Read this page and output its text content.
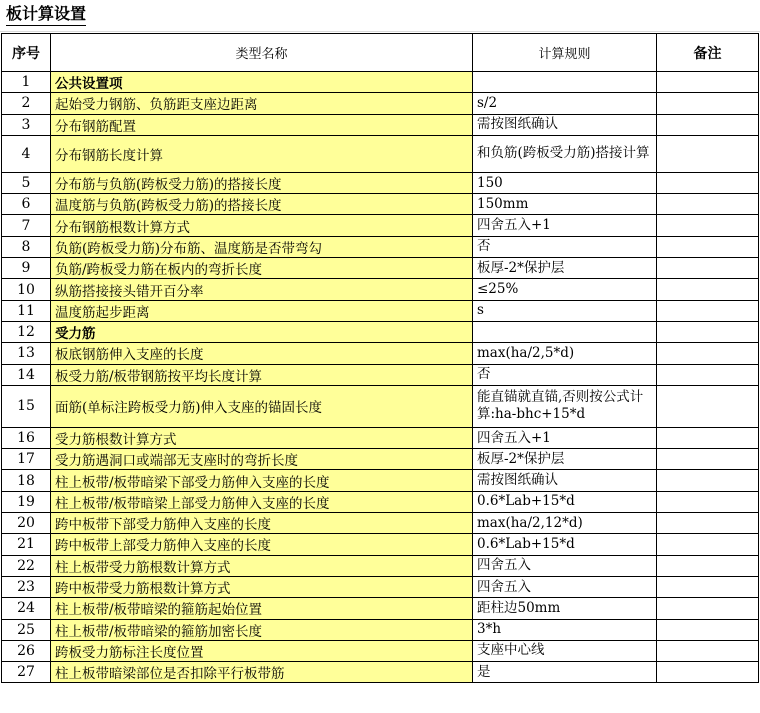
板计算设置
序号	类型名称	计算规则	备注
1	公共设置项		
2	起始受力钢筋、负筋距支座边距离	s/2	
3	分布钢筋配置	需按图纸确认	
4	分布钢筋长度计算	和负筋(跨板受力筋)搭接计算	
5	分布筋与负筋(跨板受力筋)的搭接长度	150	
6	温度筋与负筋(跨板受力筋)的搭接长度	150mm	
7	分布钢筋根数计算方式	四舍五入+1	
8	负筋(跨板受力筋)分布筋、温度筋是否带弯勾	否	
9	负筋/跨板受力筋在板内的弯折长度	板厚-2*保护层	
10	纵筋搭接接头错开百分率	≤25%	
11	温度筋起步距离	s	
12	受力筋		
13	板底钢筋伸入支座的长度	max(ha/2,5*d)	
14	板受力筋/板带钢筋按平均长度计算	否	
15	面筋(单标注跨板受力筋)伸入支座的锚固长度	能直锚就直锚,否则按公式计算:ha-bhc+15*d	
16	受力筋根数计算方式	四舍五入+1	
17	受力筋遇洞口或端部无支座时的弯折长度	板厚-2*保护层	
18	柱上板带/板带暗梁下部受力筋伸入支座的长度	需按图纸确认	
19	柱上板带/板带暗梁上部受力筋伸入支座的长度	0.6*Lab+15*d	
20	跨中板带下部受力筋伸入支座的长度	max(ha/2,12*d)	
21	跨中板带上部受力筋伸入支座的长度	0.6*Lab+15*d	
22	柱上板带受力筋根数计算方式	四舍五入	
23	跨中板带受力筋根数计算方式	四舍五入	
24	柱上板带/板带暗梁的箍筋起始位置	距柱边50mm	
25	柱上板带/板带暗梁的箍筋加密长度	3*h	
26	跨板受力筋标注长度位置	支座中心线	
27	柱上板带暗梁部位是否扣除平行板带筋	是	
